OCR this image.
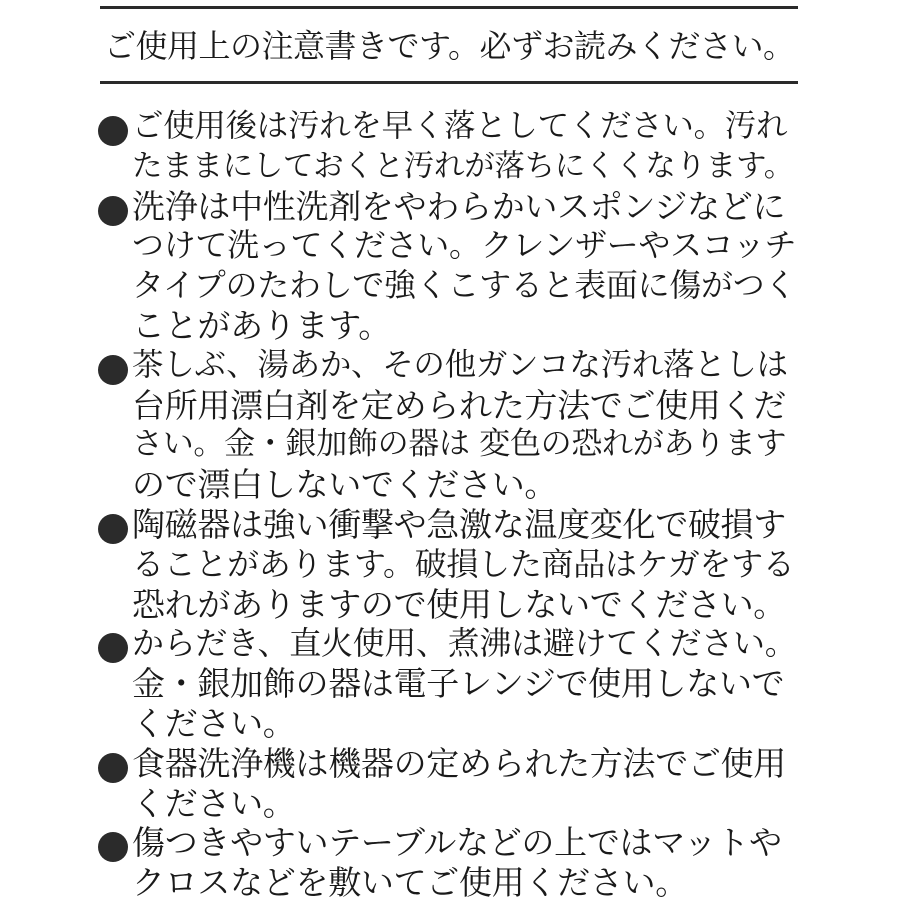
ご使用上の注意書きです。必ずお読みください。
ご使用後は汚れを早く落としてください。汚れ
たままにしておくと汚れが落ちにくくなります。
洗浄は中性洗剤をやわらかいスポンジなどに
つけて洗ってください。クレンザーやスコッチ
タイプのたわしで強くこすると表面に傷がつく
ことがあります。
茶しぶ、湯あか、その他ガンコな汚れ落としは
台所用漂白剤を定められた方法でご使用くだ
さい。金・銀加飾の器は 変色の恐れがあります
ので漂白しないでください。
陶磁器は強い衝撃や急激な温度変化で破損す
ることがあります。破損した商品はケガをする
恐れがありますので使用しないでください。
からだき、直火使用、煮沸は避けてください。
金・銀加飾の器は電子レンジで使用しないで
ください。
食器洗浄機は機器の定められた方法でご使用
ください。
傷つきやすいテーブルなどの上ではマットや
クロスなどを敷いてご使用ください。
